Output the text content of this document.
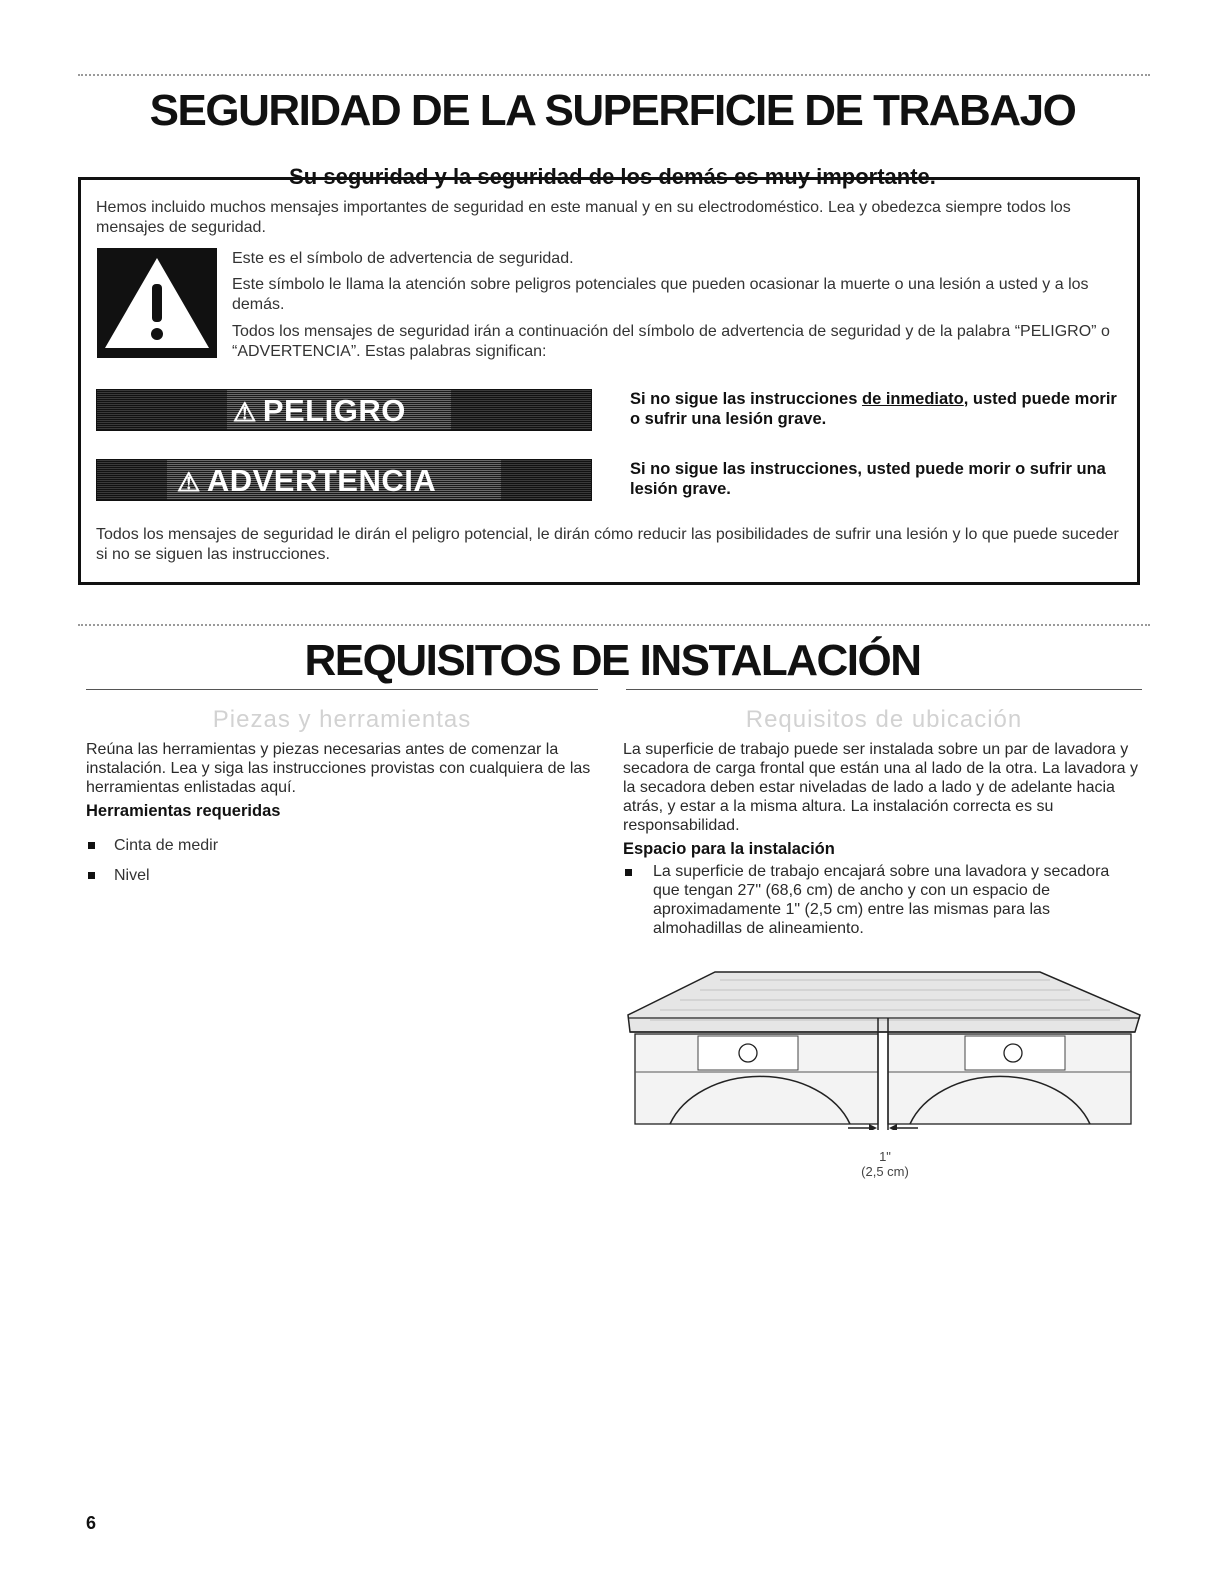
SEGURIDAD DE LA SUPERFICIE DE TRABAJO
Su seguridad y la seguridad de los demás es muy importante.

Hemos incluido muchos mensajes importantes de seguridad en este manual y en su electrodoméstico. Lea y obedezca siempre todos los mensajes de seguridad.

Este es el símbolo de advertencia de seguridad.

Este símbolo le llama la atención sobre peligros potenciales que pueden ocasionar la muerte o una lesión a usted y a los demás.

Todos los mensajes de seguridad irán a continuación del símbolo de advertencia de seguridad y de la palabra “PELIGRO” o “ADVERTENCIA”. Estas palabras significan:

⚠ PELIGRO	Si no sigue las instrucciones de inmediato, usted puede morir o sufrir una lesión grave.
⚠ ADVERTENCIA	Si no sigue las instrucciones, usted puede morir o sufrir una lesión grave.

Todos los mensajes de seguridad le dirán el peligro potencial, le dirán cómo reducir las posibilidades de sufrir una lesión y lo que puede suceder si no se siguen las instrucciones.

REQUISITOS DE INSTALACIÓN
Piezas y herramientas

Reúna las herramientas y piezas necesarias antes de comenzar la instalación. Lea y siga las instrucciones provistas con cualquiera de las herramientas enlistadas aquí.

Herramientas requeridas
Cinta de medir
Nivel
Requisitos de ubicación

La superficie de trabajo puede ser instalada sobre un par de lavadora y secadora de carga frontal que están una al lado de la otra. La lavadora y la secadora deben estar niveladas de lado a lado y de adelante hacia atrás, y estar a la misma altura. La instalación correcta es su responsabilidad.

Espacio para la instalación

La superficie de trabajo encajará sobre una lavadora y secadora que tengan 27" (68,6 cm) de ancho y con un espacio de aproximadamente 1" (2,5 cm) entre las mismas para las almohadillas de alineamiento.

1"
(2,5 cm)
6
